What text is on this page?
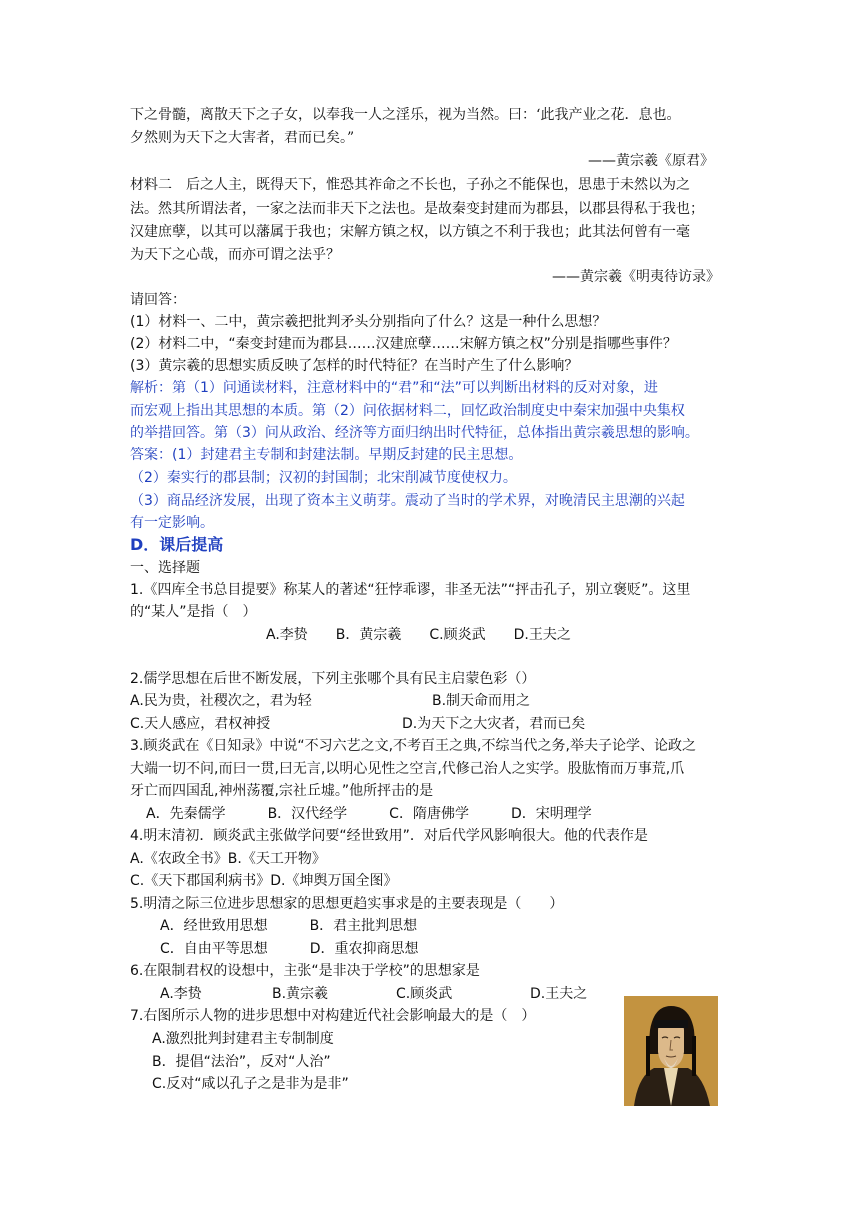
下之骨髓，离散天下之子女，以奉我一人之淫乐，视为当然。曰：‘此我产业之花．息也。
夕然则为天下之大害者，君而已矣。”
——黄宗羲《原君》
材料二　后之人主，既得天下，惟恐其祚命之不长也，子孙之不能保也，思患于未然以为之
法。然其所谓法者，一家之法而非天下之法也。是故秦变封建而为郡县，以郡县得私于我也；
汉建庶孽，以其可以藩属于我也；宋解方镇之权，以方镇之不利于我也；此其法何曾有一毫
为天下之心哉，而亦可谓之法乎？
——黄宗羲《明夷待访录》
请回答：
(1）材料一、二中，黄宗羲把批判矛头分别指向了什么？这是一种什么思想？
(2）材料二中，“秦变封建而为郡县……汉建庶孽……宋解方镇之权”分别是指哪些事件？
(3）黄宗羲的思想实质反映了怎样的时代特征？在当时产生了什么影响？
解析：第（1）问通读材料，注意材料中的“君”和“法”可以判断出材料的反对对象，进
而宏观上指出其思想的本质。第（2）问依据材料二，回忆政治制度史中秦宋加强中央集权
的举措回答。第（3）问从政治、经济等方面归纳出时代特征，总体指出黄宗羲思想的影响。
答案：(1）封建君主专制和封建法制。早期反封建的民主思想。
（2）秦实行的郡县制；汉初的封国制；北宋削减节度使权力。
（3）商品经济发展，出现了资本主义萌芽。震动了当时的学术界，对晚清民主思潮的兴起
有一定影响。
D．课后提高
一、选择题
1.《四库全书总目提要》称某人的著述“狂悖乖谬，非圣无法”“抨击孔子，别立褒贬”。这里
的“某人”是指（　）
A.李贽　　B．黄宗羲　　C.顾炎武　　D.王夫之
2.儒学思想在后世不断发展，下列主张哪个具有民主启蒙色彩（）
A.民为贵，社稷次之，君为轻	B.制天命而用之
C.天人感应，君权神授	D.为天下之大灾者，君而已矣
3.顾炎武在《日知录》中说“不习六艺之文,不考百王之典,不综当代之务,举夫子论学、论政之
大端一切不问,而曰一贯,曰无言,以明心见性之空言,代修己治人之实学。股肱惰而万事荒,爪
牙亡而四国乱,神州荡覆,宗社丘墟。”他所抨击的是
A．先秦儒学　　　B．汉代经学　　　C．隋唐佛学　　　D．宋明理学
4.明末清初．顾炎武主张做学问要“经世致用”．对后代学风影响很大。他的代表作是
A.《农政全书》B.《天工开物》
C.《天下郡国利病书》D.《坤舆万国全图》
5.明清之际三位进步思想家的思想更趋实事求是的主要表现是（　　）
A．经世致用思想　　　B．君主批判思想
C．自由平等思想　　　D．重农抑商思想
6.在限制君权的设想中，主张“是非决于学校”的思想家是
A.李贽	B.黄宗羲	C.顾炎武	D.王夫之
7.右图所示人物的进步思想中对构建近代社会影响最大的是（　）
A.激烈批判封建君主专制制度
B．提倡“法治”，反对“人治”
C.反对“咸以孔子之是非为是非”
